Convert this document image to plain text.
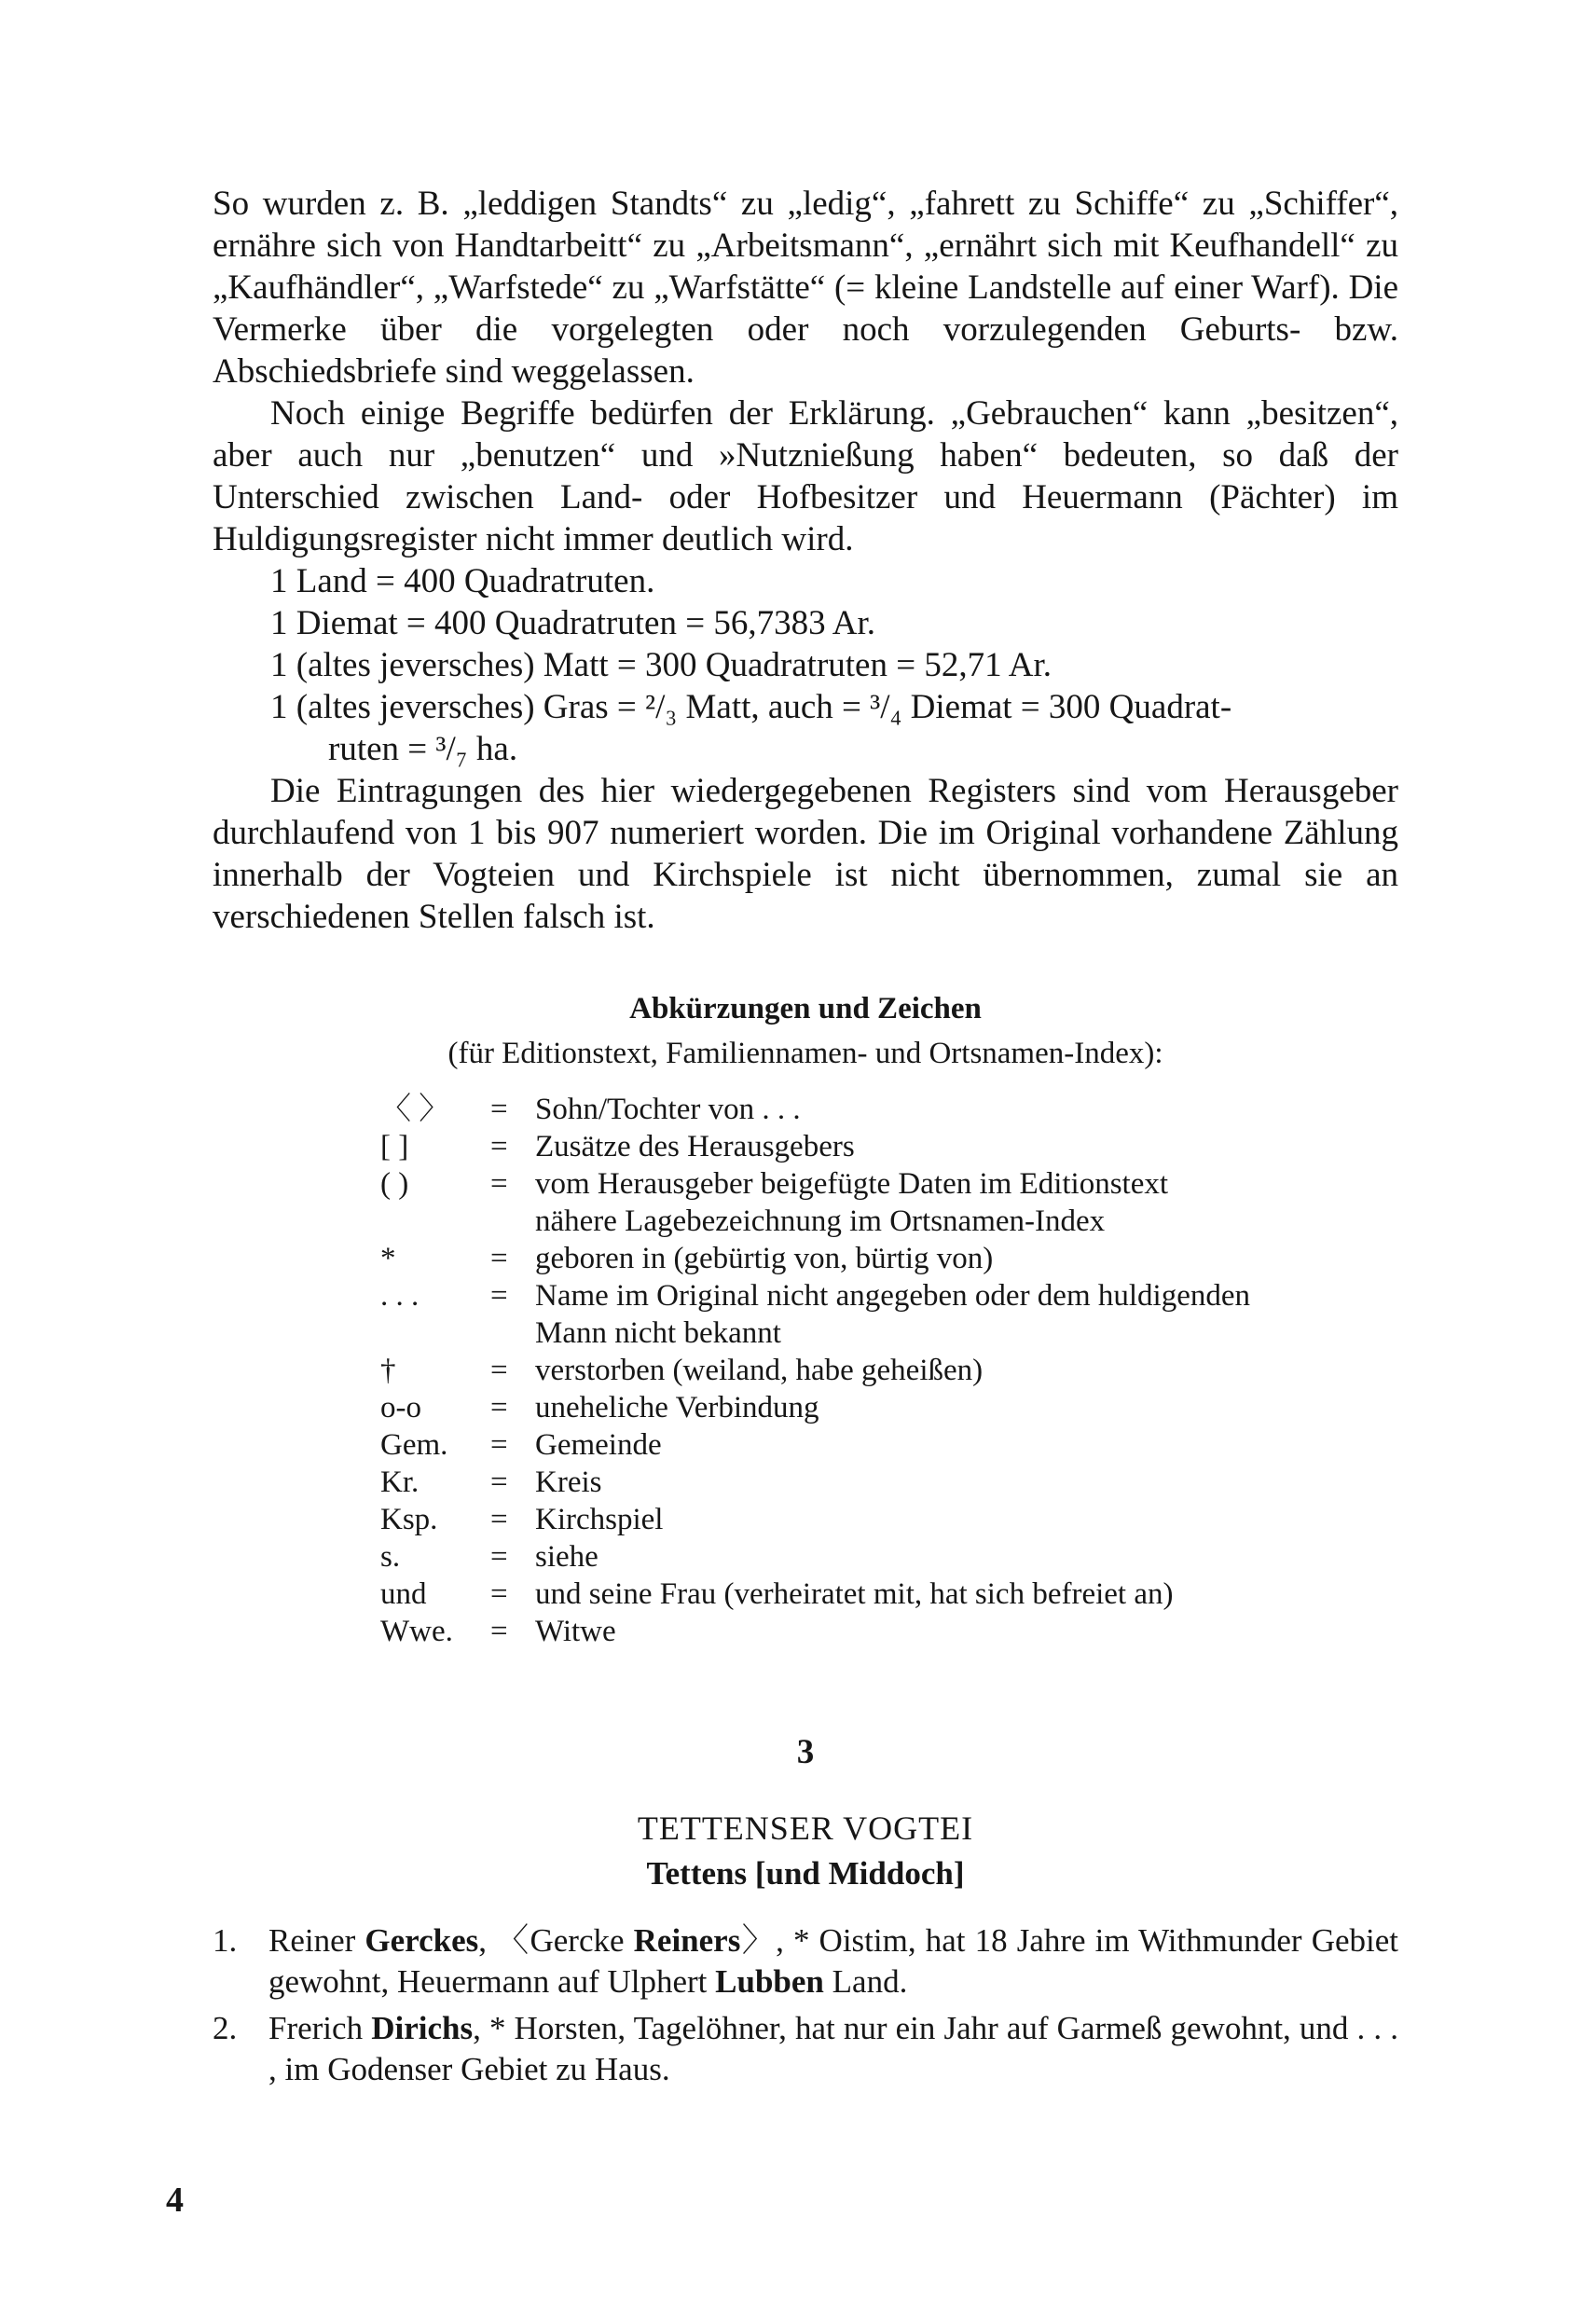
So wurden z. B. „leddigen Standts“ zu „ledig“, „fahrett zu Schiffe“ zu „Schiffer“, ernähre sich von Handtarbeitt“ zu „Arbeitsmann“, „ernährt sich mit Keufhandell“ zu „Kaufhändler“, „Warfstede“ zu „Warfstätte“ (= kleine Landstelle auf einer Warf). Die Vermerke über die vorgelegten oder noch vorzulegenden Geburts- bzw. Abschiedsbriefe sind weggelassen.

Noch einige Begriffe bedürfen der Erklärung. „Gebrauchen“ kann „besitzen“, aber auch nur „benutzen“ und »Nutznießung haben“ bedeuten, so daß der Unterschied zwischen Land- oder Hofbesitzer und Heuermann (Pächter) im Huldigungsregister nicht immer deutlich wird.

1 Land = 400 Quadratruten.
1 Diemat = 400 Quadratruten = 56,7383 Ar.
1 (altes jeversches) Matt = 300 Quadratruten = 52,71 Ar.
1 (altes jeversches) Gras = ²/₃ Matt, auch = ³/₄ Diemat = 300 Quadrat-
ruten = ³/₇ ha.

Die Eintragungen des hier wiedergegebenen Registers sind vom Herausgeber durchlaufend von 1 bis 907 numeriert worden. Die im Original vorhandene Zählung innerhalb der Vogteien und Kirchspiele ist nicht übernommen, zumal sie an verschiedenen Stellen falsch ist.

Abkürzungen und Zeichen
(für Editionstext, Familiennamen- und Ortsnamen-Index):
〈 〉	= Sohn/Tochter von . . .
[ ]	= Zusätze des Herausgebers
( )	= vom Herausgeber beigefügte Daten im Editionstext
nähere Lagebezeichnung im Ortsnamen-Index
*	= geboren in (gebürtig von, bürtig von)
. . .	= Name im Original nicht angegeben oder dem huldigenden
Mann nicht bekannt
†	= verstorben (weiland, habe geheißen)
o-o	= uneheliche Verbindung
Gem.	= Gemeinde
Kr.	= Kreis
Ksp.	= Kirchspiel
s.	= siehe
und	= und seine Frau (verheiratet mit, hat sich befreiet an)
Wwe.	= Witwe
3
TETTENSER VOGTEI
Tettens [und Middoch]
1. Reiner Gerckes, 〈Gercke Reiners〉, * Oistim, hat 18 Jahre im Withmunder Gebiet gewohnt, Heuermann auf Ulphert Lubben Land.
2. Frerich Dirichs, * Horsten, Tagelöhner, hat nur ein Jahr auf Garmeß gewohnt, und . . . , im Godenser Gebiet zu Haus.
4
